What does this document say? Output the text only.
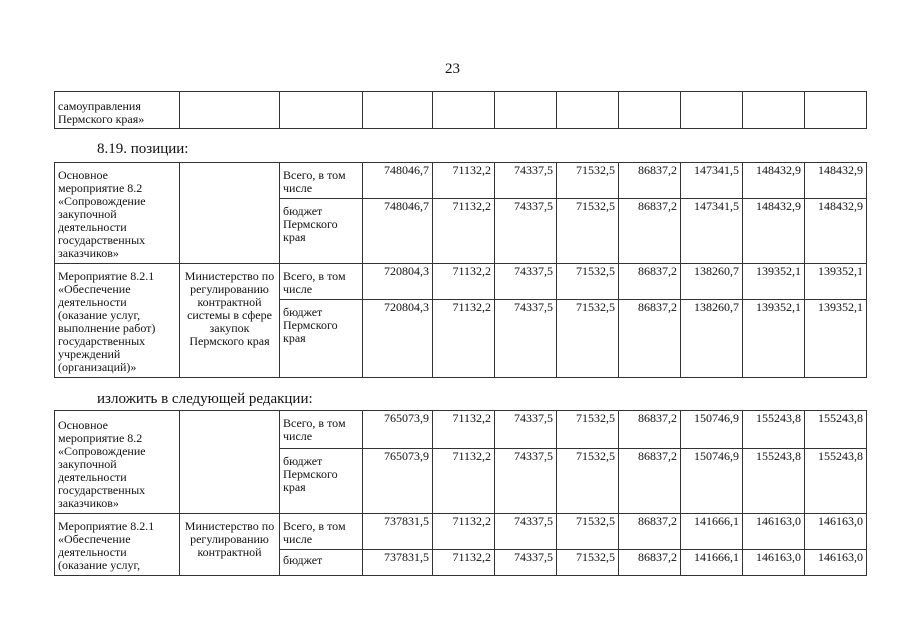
23
самоуправления Пермского края»										
8.19. позиции:
Основное мероприятие 8.2 «Сопровождение закупочной деятельности государственных заказчиков»		Всего, в том числе	748046,7	71132,2	74337,5	71532,5	86837,2	147341,5	148432,9	148432,9
		бюджет Пермского края	748046,7	71132,2	74337,5	71532,5	86837,2	147341,5	148432,9	148432,9
Мероприятие 8.2.1 «Обеспечение деятельности (оказание услуг, выполнение работ) государственных учреждений (организаций)»	Министерство по регулированию контрактной системы в сфере закупок Пермского края	Всего, в том числе	720804,3	71132,2	74337,5	71532,5	86837,2	138260,7	139352,1	139352,1
		бюджет Пермского края	720804,3	71132,2	74337,5	71532,5	86837,2	138260,7	139352,1	139352,1
изложить в следующей редакции:
Основное мероприятие 8.2 «Сопровождение закупочной деятельности государственных заказчиков»		Всего, в том числе	765073,9	71132,2	74337,5	71532,5	86837,2	150746,9	155243,8	155243,8
		бюджет Пермского края	765073,9	71132,2	74337,5	71532,5	86837,2	150746,9	155243,8	155243,8
Мероприятие 8.2.1 «Обеспечение деятельности (оказание услуг,	Министерство по регулированию контрактной	Всего, в том числе	737831,5	71132,2	74337,5	71532,5	86837,2	141666,1	146163,0	146163,0
		бюджет	737831,5	71132,2	74337,5	71532,5	86837,2	141666,1	146163,0	146163,0
